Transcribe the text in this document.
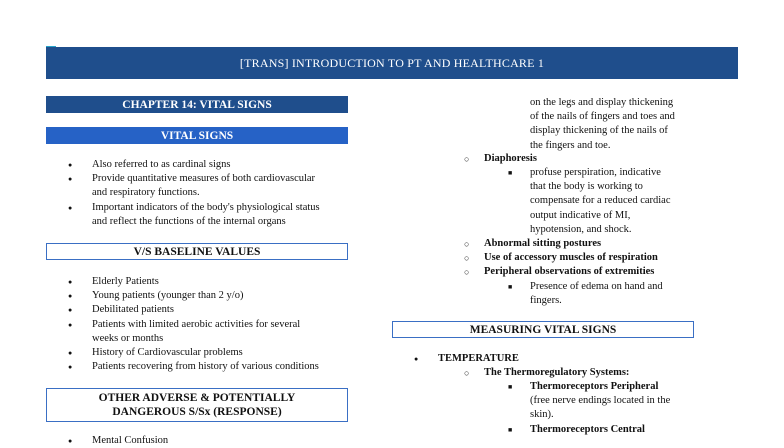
[TRANS] INTRODUCTION TO PT AND HEALTHCARE 1
CHAPTER 14: VITAL SIGNS
VITAL SIGNS
● Also referred to as cardinal signs
● Provide quantitative measures of both cardiovascular
and respiratory functions.
● Important indicators of the body's physiological status
and reflect the functions of the internal organs
V/S BASELINE VALUES
● Elderly Patients
● Young patients (younger than 2 y/o)
● Debilitated patients
● Patients with limited aerobic activities for several
weeks or months
● History of Cardiovascular problems
● Patients recovering from history of various conditions
OTHER ADVERSE & POTENTIALLY
DANGEROUS S/Sx (RESPONSE)
● Mental Confusion
on the legs and display thickening
of the nails of fingers and toes and
display thickening of the nails of
the fingers and toe.
○ Diaphoresis
■ profuse perspiration, indicative
that the body is working to
compensate for a reduced cardiac
output indicative of MI,
hypotension, and shock.
○ Abnormal sitting postures
○ Use of accessory muscles of respiration
○ Peripheral observations of extremities
■ Presence of edema on hand and
fingers.
MEASURING VITAL SIGNS
● TEMPERATURE
○ The Thermoregulatory Systems:
■ Thermoreceptors Peripheral
(free nerve endings located in the
skin).
■ Thermoreceptors Central
